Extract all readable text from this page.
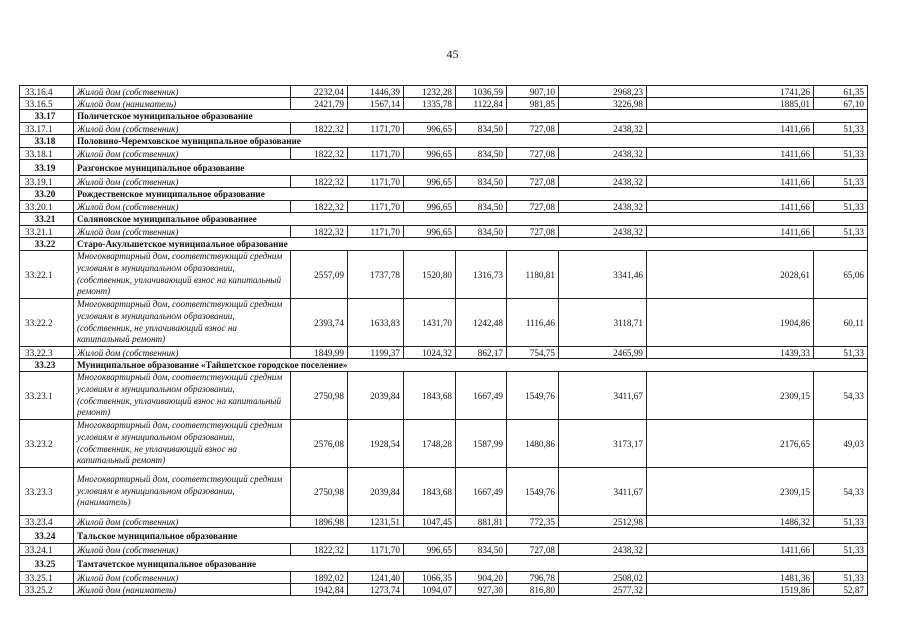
45
33.16.4	Жилой дом (собственник)	2232,04	1446,39	1232,28	1036,59	907,10	2968,23	1741,26	61,35
33.16.5	Жилой дом (наниматель)	2421,79	1567,14	1335,78	1122,84	981,85	3226,98	1885,01	67,10
33.17	Поличетское муниципальное образование								
33.17.1	Жилой дом (собственник)	1822,32	1171,70	996,65	834,50	727,08	2438,32	1411,66	51,33
33.18	Половино-Черемховское муниципальное образование								
33.18.1	Жилой дом (собственник)	1822,32	1171,70	996,65	834,50	727,08	2438,32	1411,66	51,33
33.19	Разгонское муниципальное образование								
33.19.1	Жилой дом (собственник)	1822,32	1171,70	996,65	834,50	727,08	2438,32	1411,66	51,33
33.20	Рождественское муниципальное образование								
33.20.1	Жилой дом (собственник)	1822,32	1171,70	996,65	834,50	727,08	2438,32	1411,66	51,33
33.21	Соляновское муниципальное образованиее								
33.21.1	Жилой дом (собственник)	1822,32	1171,70	996,65	834,50	727,08	2438,32	1411,66	51,33
33.22	Старо-Акульшетское муниципальное образование								
33.22.1	Многоквартирный дом, соответствующий средним условиям в муниципальном образовании, (собственник, уплачивающий взнос на капитальный ремонт)	2557,09	1737,78	1520,80	1316,73	1180,81	3341,46	2028,61	65,06
33.22.2	Многоквартирный дом, соответствующий средним условиям в муниципальном образовании, (собственник, не уплачивающий взнос на капитальный ремонт)	2393,74	1633,83	1431,70	1242,48	1116,46	3118,71	1904,86	60,11
33.22.3	Жилой дом (собственник)	1849,99	1199,37	1024,32	862,17	754,75	2465,99	1439,33	51,33
33.23	Муниципальное образование «Тайшетское городское поселение»								
33.23.1	Многоквартирный дом, соответствующий средним условиям в муниципальном образовании, (собственник, уплачивающий взнос на капитальный ремонт)	2750,98	2039,84	1843,68	1667,49	1549,76	3411,67	2309,15	54,33
33.23.2	Многоквартирный дом, соответствующий средним условиям в муниципальном образовании, (собственник, не уплачивающий взнос на капитальный ремонт)	2576,08	1928,54	1748,28	1587,99	1480,86	3173,17	2176,65	49,03
33.23.3	Многоквартирный дом, соответствующий средним условиям в муниципальном образовании, (наниматель)	2750,98	2039,84	1843,68	1667,49	1549,76	3411,67	2309,15	54,33
33.23.4	Жилой дом (собственник)	1896,98	1231,51	1047,45	881,81	772,35	2512,98	1486,32	51,33
33.24	Тальское муниципальное образование								
33.24.1	Жилой дом (собственник)	1822,32	1171,70	996,65	834,50	727,08	2438,32	1411,66	51,33
33.25	Тамтачетское муниципальное образование								
33.25.1	Жилой дом (собственник)	1892,02	1241,40	1066,35	904,20	796,78	2508,02	1481,36	51,33
33.25.2	Жилой дом (наниматель)	1942,84	1273,74	1094,07	927,30	816,80	2577,32	1519,86	52,87
